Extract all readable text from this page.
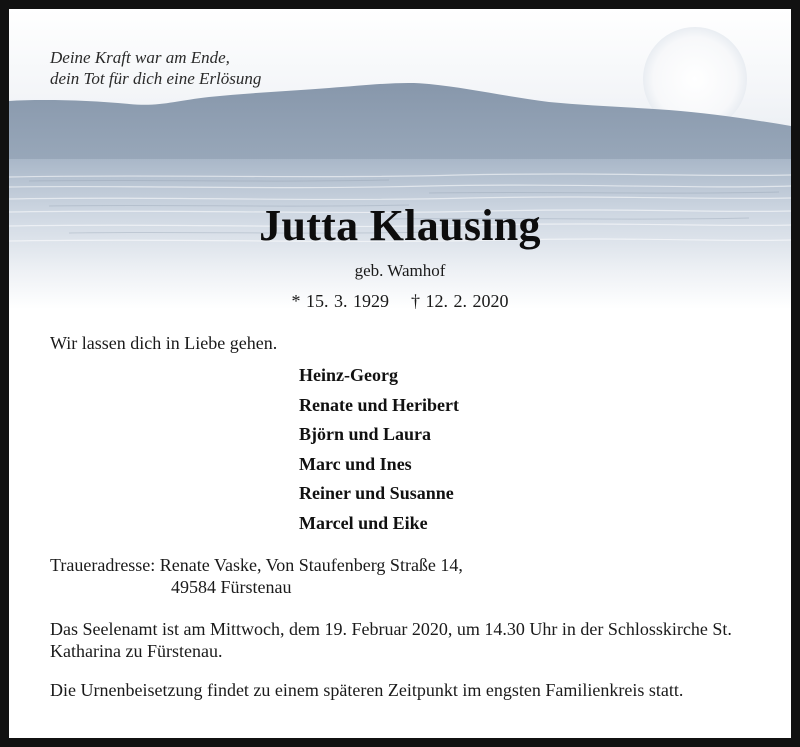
Deine Kraft war am Ende,
dein Tot für dich eine Erlösung
Jutta Klausing
geb. Wamhof
* 15. 3. 1929 † 12. 2. 2020
Wir lassen dich in Liebe gehen.
Heinz-Georg
Renate und Heribert
Björn und Laura
Marc und Ines
Reiner und Susanne
Marcel und Eike
Traueradresse: Renate Vaske, Von Staufenberg Straße 14,
49584 Fürstenau
Das Seelenamt ist am Mittwoch, dem 19. Februar 2020, um 14.30 Uhr in der Schlosskirche St. Katharina zu Fürstenau.
Die Urnenbeisetzung findet zu einem späteren Zeitpunkt im engsten Familienkreis statt.
